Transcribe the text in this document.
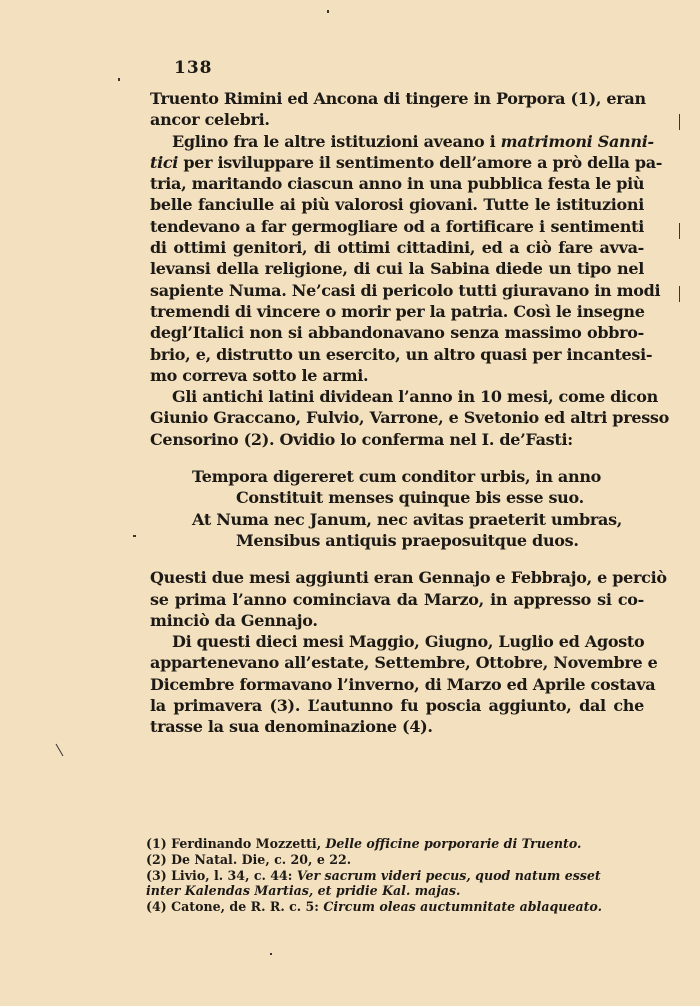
138
Truento Rimini ed Ancona di tingere in Porpora (1), eran
ancor celebri.
Eglino fra le altre istituzioni aveano i matrimoni Sanni-
tici per isviluppare il sentimento dell’amore a prò della pa-
tria, maritando ciascun anno in una pubblica festa le più
belle fanciulle ai più valorosi giovani. Tutte le istituzioni
tendevano a far germogliare od a fortificare i sentimenti
di ottimi genitori, di ottimi cittadini, ed a ciò fare avva-
levansi della religione, di cui la Sabina diede un tipo nel
sapiente Numa. Ne’casi di pericolo tutti giuravano in modi
tremendi di vincere o morir per la patria. Così le insegne
degl’Italici non si abbandonavano senza massimo obbro-
brio, e, distrutto un esercito, un altro quasi per incantesi-
mo correva sotto le armi.
Gli antichi latini dividean l’anno in 10 mesi, come dicon
Giunio Graccano, Fulvio, Varrone, e Svetonio ed altri presso
Censorino (2). Ovidio lo conferma nel I. de’Fasti:
Tempora digereret cum conditor urbis, in anno
Constituit menses quinque bis esse suo.
At Numa nec Janum, nec avitas praeterit umbras,
Mensibus antiquis praeposuitque duos.
Questi due mesi aggiunti eran Gennajo e Febbrajo, e perciò
se prima l’anno cominciava da Marzo, in appresso si co-
minciò da Gennajo.
Di questi dieci mesi Maggio, Giugno, Luglio ed Agosto
appartenevano all’estate, Settembre, Ottobre, Novembre e
Dicembre formavano l’inverno, di Marzo ed Aprile costava
la primavera (3). L’autunno fu poscia aggiunto, dal che
trasse la sua denominazione (4).
(1) Ferdinando Mozzetti, Delle officine porporarie di Truento.
(2) De Natal. Die, c. 20, e 22.
(3) Livio, l. 34, c. 44: Ver sacrum videri pecus, quod natum esset
inter Kalendas Martias, et pridie Kal. majas.
(4) Catone, de R. R. c. 5: Circum oleas auctumnitate ablaqueato.
